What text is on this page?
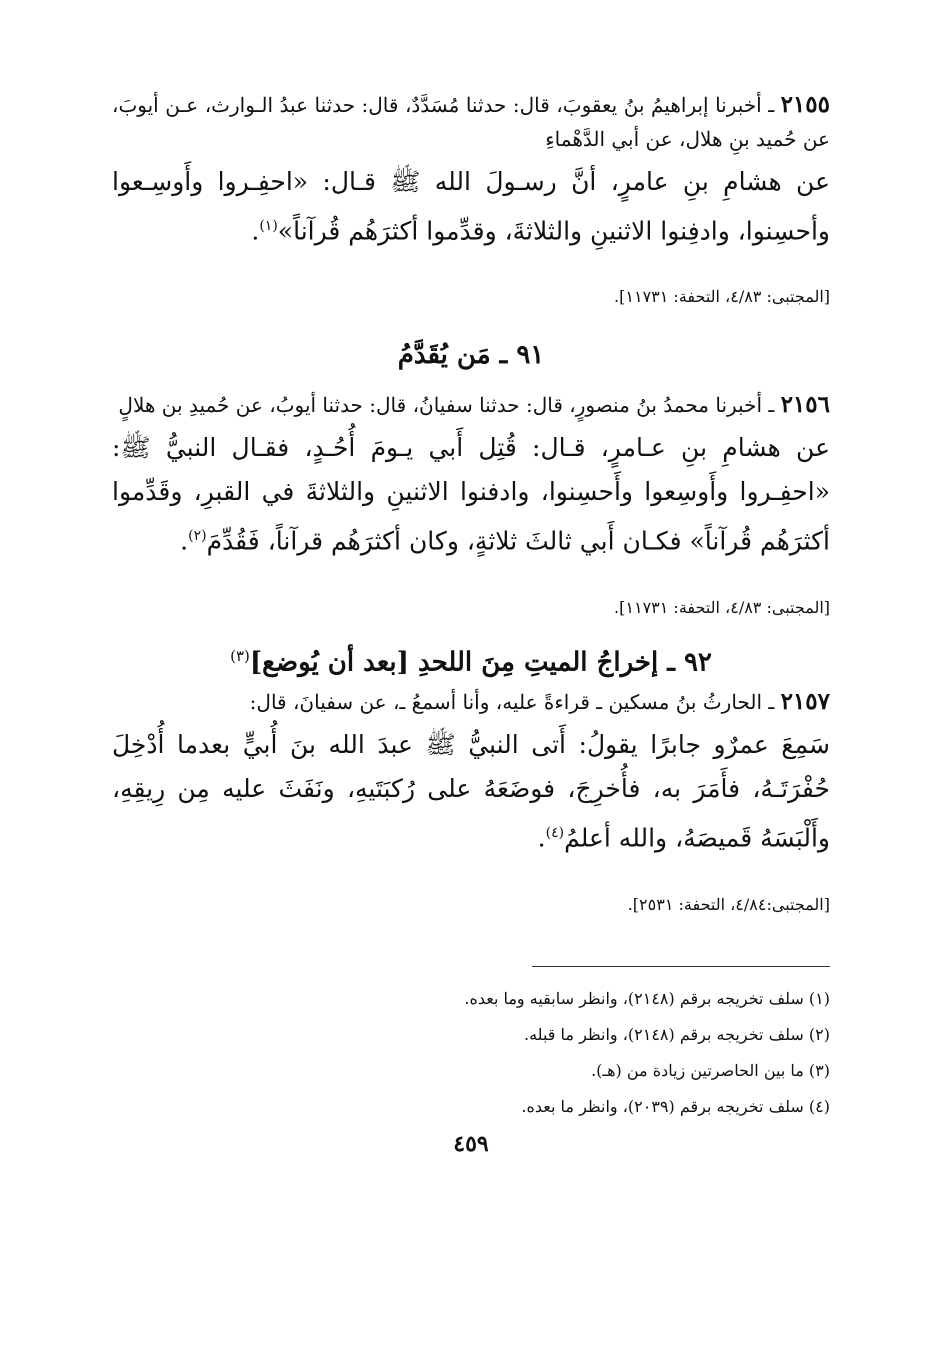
٢١٥٥ ـ أخبرنا إبراهيمُ بنُ يعقوبَ، قال: حدثنا مُسَدَّدٌ، قال: حدثنا عبدُ الـوارث، عـن أيوبَ، عن حُميد بنِ هلال، عن أبي الدَّهْماءِ

عن هشامِ بنِ عامرٍ، أنَّ رسـولَ الله ﷺ قـال: «احفِـروا وأَوسِـعوا وأحسِنوا، وادفِنوا الاثنينِ والثلاثةَ، وقدِّموا أكثرَهُم قُرآناً»$^{(١)}$.

[المجتبى: ٤/٨٣، التحفة: ١١٧٣١].

٩١ ـ مَن يُقَدَّمُ

٢١٥٦ ـ أخبرنا محمدُ بنُ منصورٍ، قال: حدثنا سفيانُ، قال: حدثنا أيوبُ، عن حُميدِ بن هلالٍ

عن هشامِ بنِ عـامرٍ، قـال: قُتِل أَبي يـومَ أُحُـدٍ، فقـال النبيُّ ﷺ: «احفِـروا وأَوسِعوا وأَحسِنوا، وادفنوا الاثنينِ والثلاثةَ في القبرِ، وقَدِّموا أكثرَهُم قُرآناً» فكـان أَبي ثالثَ ثلاثةٍ، وكان أكثرَهُم قرآناً، فَقُدِّمَ$^{(٢)}$.

[المجتبى: ٤/٨٣، التحفة: ١١٧٣١].

٩٢ ـ إخراجُ الميتِ مِنَ اللحدِ [بعد أن يُوضع]$^{(٣)}$

٢١٥٧ ـ الحارثُ بنُ مسكين ـ قراءةً عليه، وأنا أسمعُ ـ، عن سفيانَ، قال:

سَمِعَ عمرٌو جابرًا يقولُ: أَتى النبيُّ ﷺ عبدَ الله بنَ أُبيٍّ بعدما أُدْخِلَ حُفْرَتَـهُ، فأَمَرَ به، فأُخرِجَ، فوضَعَهُ على رُكبَتَيهِ، ونَفَثَ عليه مِن رِيقِهِ، وأَلْبَسَهُ قَميصَهُ، والله أعلمُ$^{(٤)}$.

[المجتبى:٤/٨٤، التحفة: ٢٥٣١].

(١) سلف تخريجه برقم (٢١٤٨)، وانظر سابقيه وما بعده.
(٢) سلف تخريجه برقم (٢١٤٨)، وانظر ما قبله.
(٣) ما بين الحاصرتين زيادة من (هـ).
(٤) سلف تخريجه برقم (٢٠٣٩)، وانظر ما بعده.
٤٥٩
